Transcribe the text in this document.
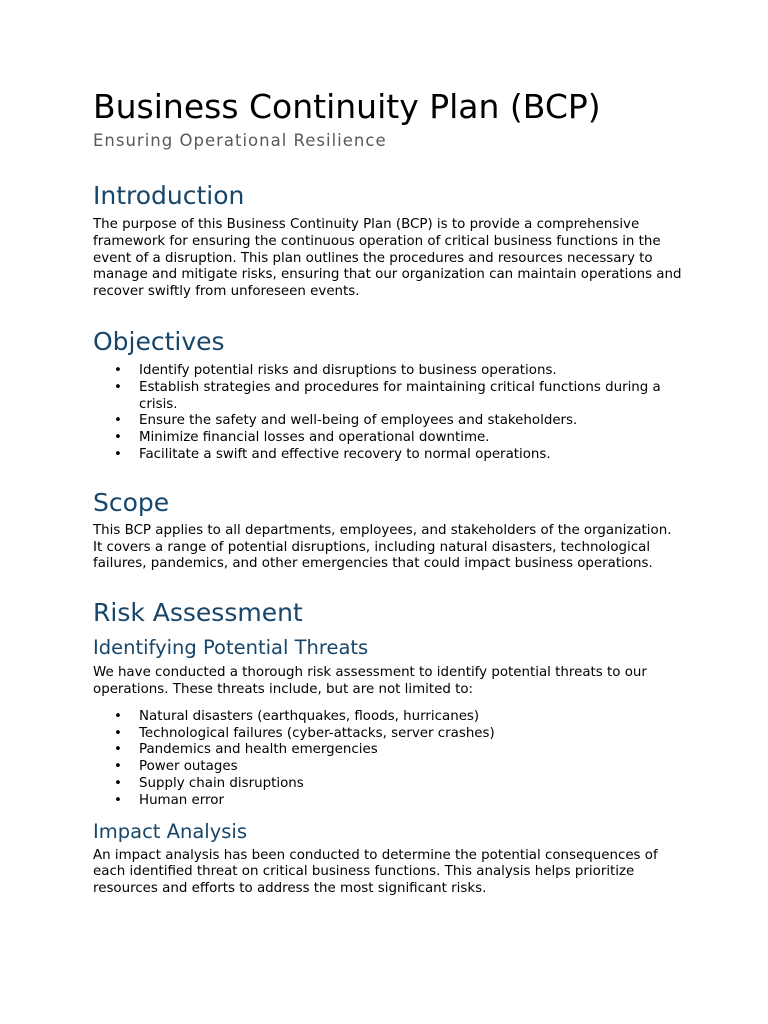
Business Continuity Plan (BCP)
Ensuring Operational Resilience
Introduction

The purpose of this Business Continuity Plan (BCP) is to provide a comprehensive framework for ensuring the continuous operation of critical business functions in the event of a disruption. This plan outlines the procedures and resources necessary to manage and mitigate risks, ensuring that our organization can maintain operations and recover swiftly from unforeseen events.

Objectives
• Identify potential risks and disruptions to business operations.
• Establish strategies and procedures for maintaining critical functions during a crisis.
• Ensure the safety and well-being of employees and stakeholders.
• Minimize financial losses and operational downtime.
• Facilitate a swift and effective recovery to normal operations.
Scope

This BCP applies to all departments, employees, and stakeholders of the organization. It covers a range of potential disruptions, including natural disasters, technological failures, pandemics, and other emergencies that could impact business operations.

Risk Assessment
Identifying Potential Threats

We have conducted a thorough risk assessment to identify potential threats to our operations. These threats include, but are not limited to:

• Natural disasters (earthquakes, floods, hurricanes)
• Technological failures (cyber-attacks, server crashes)
• Pandemics and health emergencies
• Power outages
• Supply chain disruptions
• Human error
Impact Analysis

An impact analysis has been conducted to determine the potential consequences of each identified threat on critical business functions. This analysis helps prioritize resources and efforts to address the most significant risks.
